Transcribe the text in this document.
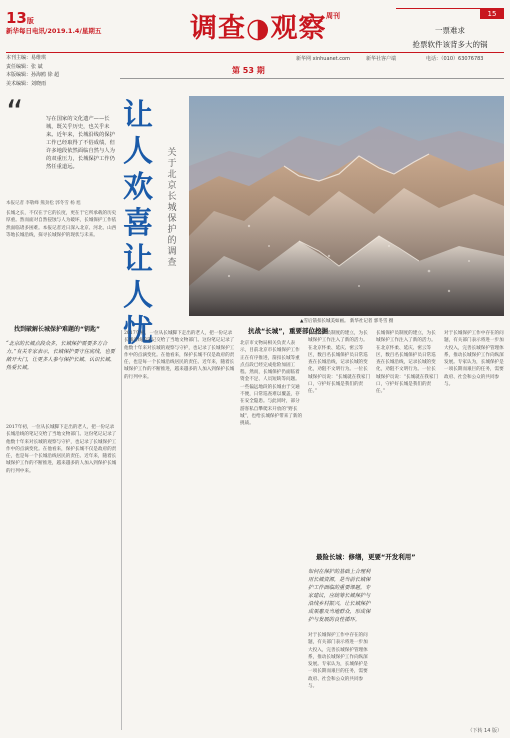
13版
新华每日电讯/2019.1.4/星期五	调查◑观察 周刊	15
一票难求
抢票软件该背多大的锅
新华网 xinhuanet.com	新华社客户端	电话：（010）63076783
本刊主编：易维琪
责任编辑：张 斌
本版编辑：孙海鸥 徐 超
美术编辑：刘晓雨
第 53 期
“	写在国家的文化遗产——长城，既关乎历史，也关乎未来。近年来，长城沿线的保护工作已经取得了不俗成绩，但许多地段依然面临自然与人为的双重压力，长城保护工作仍然任重道远。
本报记者 李敬峰 熊劲松 郭冬雪 杨 旭
长城之长，不仅在于它的长度，更在于它所承载的历史厚重。然而面对自然侵蚀与人为破坏，长城保护工作依然面临诸多困难。本报记者近日深入北京、河北、山西等地长城沿线，探寻长城保护的现状与未来。
找到破解长城保护难题的“钥匙”
“北京的长城点段众多，长城保护需要多方合力。”有关专家表示，长城保护要守住底线，也要敞开大门，让更多人参与保护长城、认识长城、热爱长城。
2017年初，一位从长城脚下走出的老人，把一份记录长城沿线的笔记交给了当地文物部门。这份笔记记录了他数十年来对长城的观察与守护，也记录了长城保护工作中的点滴变化。在他看来，保护长城不仅是政府的责任，也是每一个长城沿线居民的责任。近年来，随着长城保护工作的不断推进，越来越多的人加入到保护长城的行列中来。
让
人
欢
喜
让
人
忧
关于北京长城保护的调查
▲雪后箭扣长城美如画。 新华社记者 郭冬雪 摄
2017年初，一位从长城脚下走出的老人，把一份记录长城沿线的笔记交给了当地文物部门。这份笔记记录了他数十年来对长城的观察与守护，也记录了长城保护工作中的点滴变化。在他看来，保护长城不仅是政府的责任，也是每一个长城沿线居民的责任。近年来，随着长城保护工作的不断推进，越来越多的人加入到保护长城的行列中来。
抗战“长城”，重要部位挖掘
北京市文物局相关负责人表示，目前北京市长城保护工作正在有序推进，箭扣长城等重点点段已经完成抢险加固工程。然而，长城保护仍面临着资金不足、人员短缺等问题。一些偏远地段的长城由于交通不便，日常巡查难以覆盖，存在安全隐患。与此同时，部分游客私自攀爬未开放的“野长城”，也给长城保护带来了新的挑战。
长城保护员制度的建立，为长城保护工作注入了新的活力。在北京怀柔、延庆、密云等区，数百名长城保护员日常巡查在长城沿线，记录长城的变化，劝阻不文明行为。一位长城保护员说：“长城就在我家门口，守护好长城是我们的责任。”
最险长城：修缮，更要“开发利用”
如何在保护的基础上合理利用长城资源，是当前长城保护工作面临的重要课题。专家建议，应统筹长城保护与沿线乡村振兴，让长城保护成果惠及当地群众，形成保护与发展的良性循环。
对于长城保护工作中存在的问题，有关部门表示将进一步加大投入，完善长城保护管理体系，推动长城保护工作向纵深发展。专家认为，长城保护是一项长期而艰巨的任务，需要政府、社会和公众的共同参与。
长城保护员制度的建立，为长城保护工作注入了新的活力。在北京怀柔、延庆、密云等区，数百名长城保护员日常巡查在长城沿线，记录长城的变化，劝阻不文明行为。一位长城保护员说：“长城就在我家门口，守护好长城是我们的责任。”
对于长城保护工作中存在的问题，有关部门表示将进一步加大投入，完善长城保护管理体系，推动长城保护工作向纵深发展。专家认为，长城保护是一项长期而艰巨的任务，需要政府、社会和公众的共同参与。
（下转 14 版）
